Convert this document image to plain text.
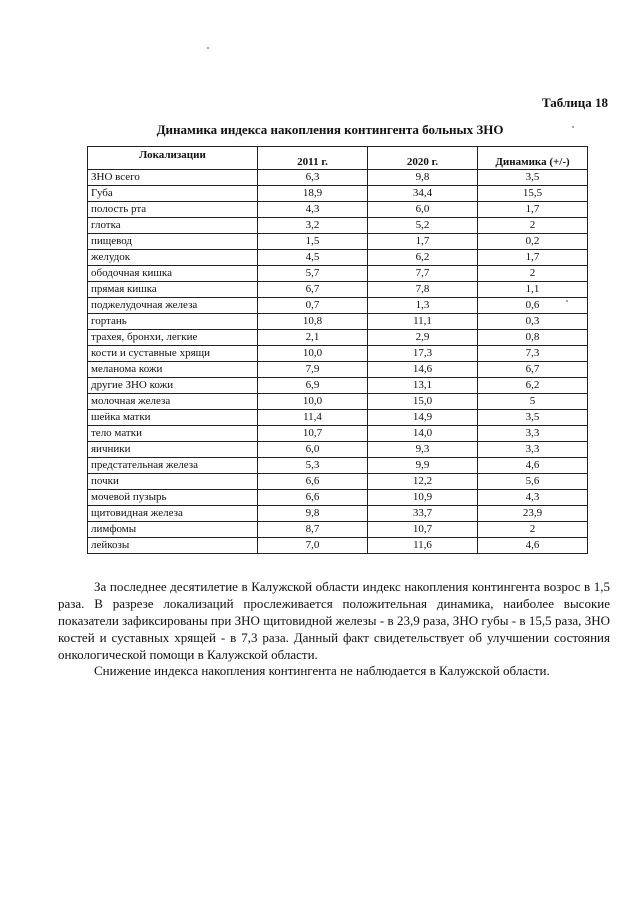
Таблица 18
Динамика индекса накопления контингента больных ЗНО
Локализации	2011 г.	2020 г.	Динамика (+/-)
ЗНО всего	6,3	9,8	3,5
Губа	18,9	34,4	15,5
полость рта	4,3	6,0	1,7
глотка	3,2	5,2	2
пищевод	1,5	1,7	0,2
желудок	4,5	6,2	1,7
ободочная кишка	5,7	7,7	2
прямая кишка	6,7	7,8	1,1
поджелудочная железа	0,7	1,3	0,6
гортань	10,8	11,1	0,3
трахея, бронхи, легкие	2,1	2,9	0,8
кости и суставные хрящи	10,0	17,3	7,3
меланома кожи	7,9	14,6	6,7
другие ЗНО кожи	6,9	13,1	6,2
молочная железа	10,0	15,0	5
шейка матки	11,4	14,9	3,5
тело матки	10,7	14,0	3,3
яичники	6,0	9,3	3,3
предстательная железа	5,3	9,9	4,6
почки	6,6	12,2	5,6
мочевой пузырь	6,6	10,9	4,3
щитовидная железа	9,8	33,7	23,9
лимфомы	8,7	10,7	2
лейкозы	7,0	11,6	4,6

За последнее десятилетие в Калужской области индекс накопления контингента возрос в 1,5 раза. В разрезе локализаций прослеживается положительная динамика, наиболее высокие показатели зафиксированы при ЗНО щитовидной железы - в 23,9 раза, ЗНО губы - в 15,5 раза, ЗНО костей и суставных хрящей - в 7,3 раза. Данный факт свидетельствует об улучшении состояния онкологической помощи в Калужской области.

Снижение индекса накопления контингента не наблюдается в Калужской области.
